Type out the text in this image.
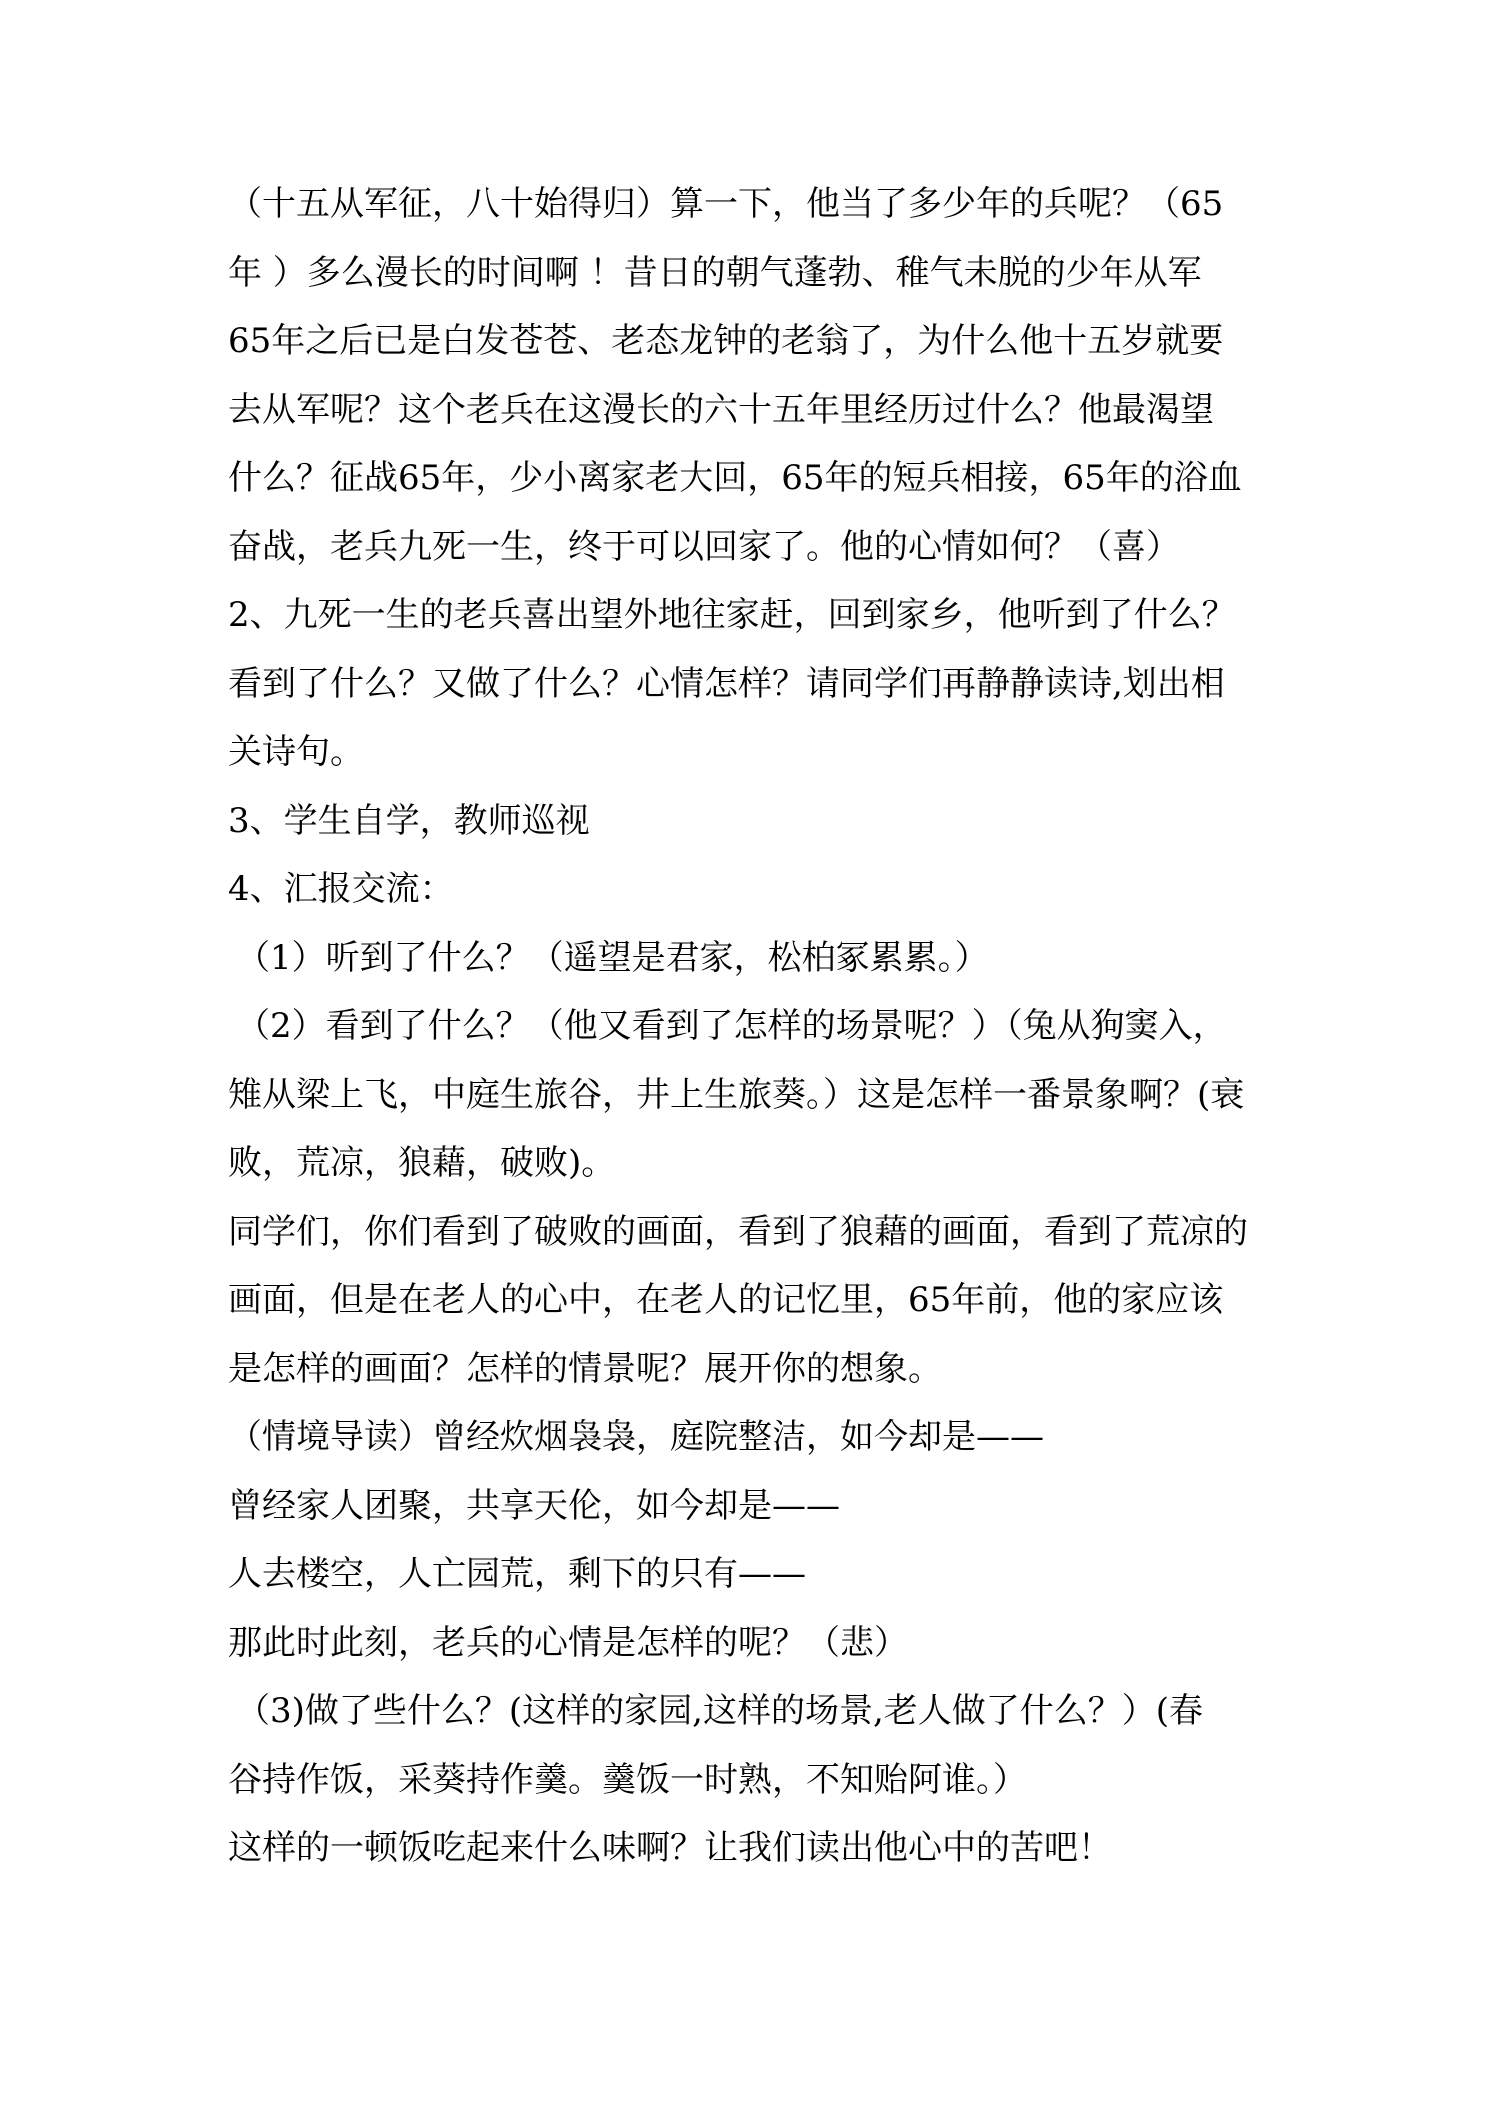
（十五从军征，八十始得归）算一下，他当了多少年的兵呢？（65
年 ）多么漫长的时间啊 ！昔日的朝气蓬勃、稚气未脱的少年从军
65年之后已是白发苍苍、老态龙钟的老翁了，为什么他十五岁就要
去从军呢？这个老兵在这漫长的六十五年里经历过什么？他最渴望
什么？征战65年，少小离家老大回，65年的短兵相接，65年的浴血
奋战，老兵九死一生，终于可以回家了。他的心情如何？（喜）
2、九死一生的老兵喜出望外地往家赶，回到家乡，他听到了什么？
看到了什么？又做了什么？心情怎样？请同学们再静静读诗,划出相
关诗句。
3、学生自学，教师巡视
4、汇报交流：
（1）听到了什么？（遥望是君家，松柏冢累累。）
（2）看到了什么？（他又看到了怎样的场景呢？）（兔从狗窦入，
雉从梁上飞，中庭生旅谷，井上生旅葵。）这是怎样一番景象啊？(衰
败，荒凉，狼藉，破败)。
同学们，你们看到了破败的画面，看到了狼藉的画面，看到了荒凉的
画面，但是在老人的心中，在老人的记忆里，65年前，他的家应该
是怎样的画面？怎样的情景呢？展开你的想象。
（情境导读）曾经炊烟袅袅，庭院整洁，如今却是——
曾经家人团聚，共享天伦，如今却是——
人去楼空，人亡园荒，剩下的只有——
那此时此刻，老兵的心情是怎样的呢？（悲）
（3)做了些什么？(这样的家园,这样的场景,老人做了什么？）(春
谷持作饭，采葵持作羹。羹饭一时熟，不知贻阿谁。）
这样的一顿饭吃起来什么味啊？让我们读出他心中的苦吧！
